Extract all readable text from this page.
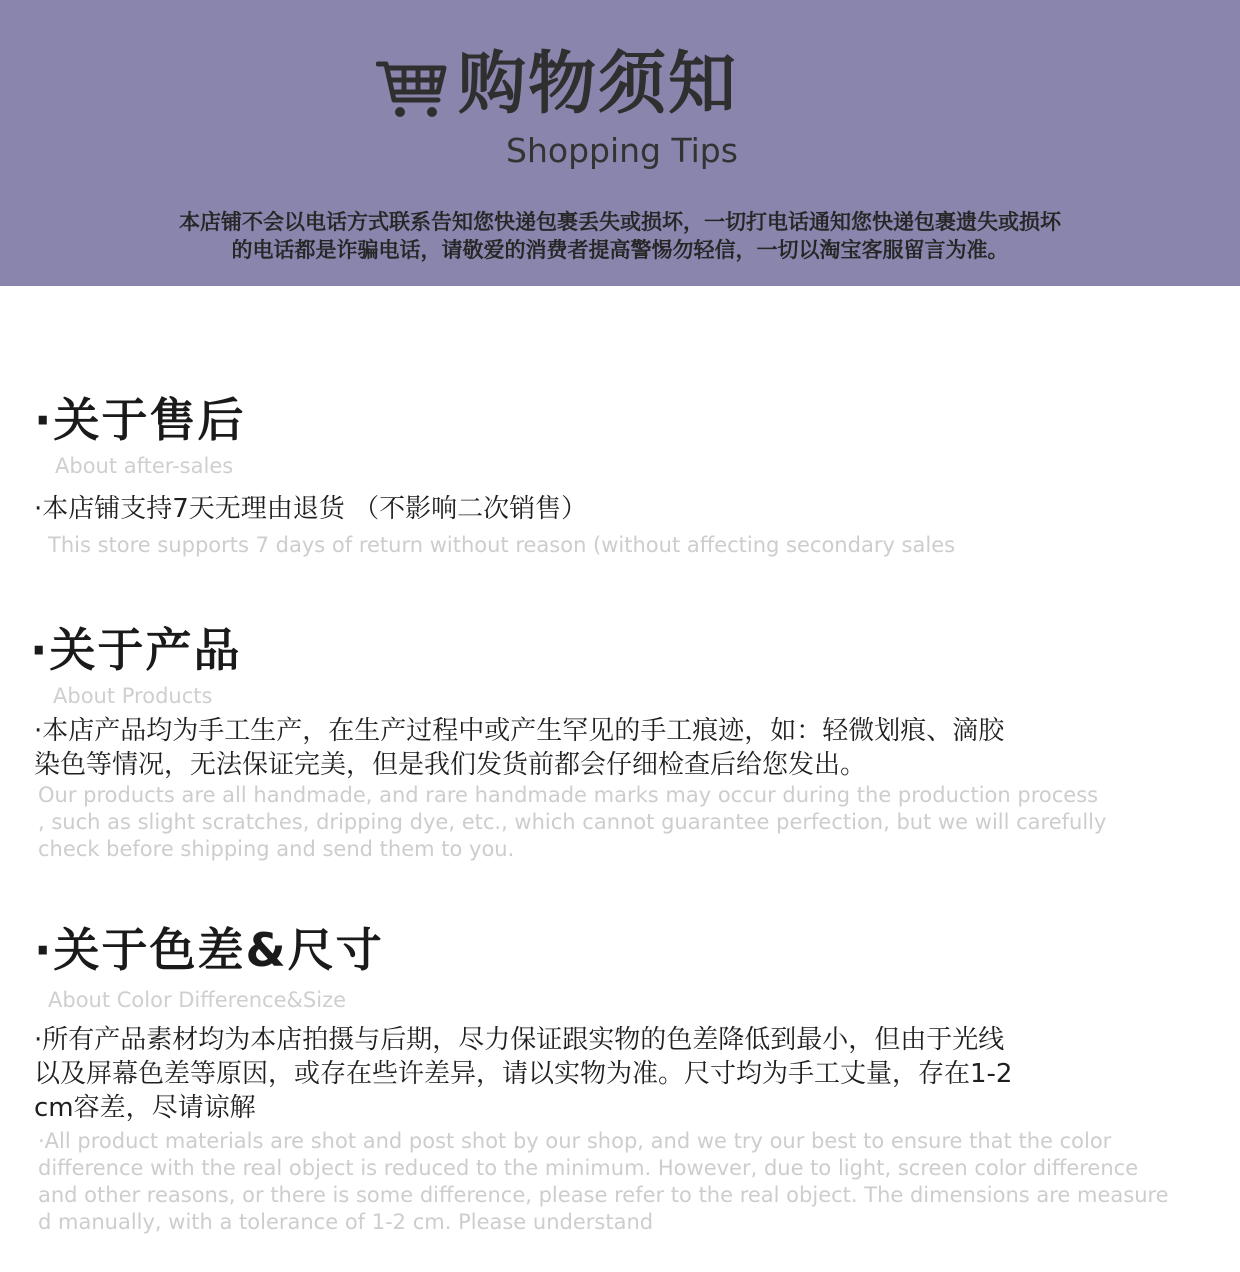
购物须知
Shopping Tips
本店铺不会以电话方式联系告知您快递包裹丢失或损坏，一切打电话通知您快递包裹遗失或损坏
的电话都是诈骗电话，请敬爱的消费者提高警惕勿轻信，一切以淘宝客服留言为准。
·关于售后
About after-sales
·本店铺支持7天无理由退货 （不影响二次销售）
This store supports 7 days of return without reason (without affecting secondary sales
·关于产品
About Products
·本店产品均为手工生产，在生产过程中或产生罕见的手工痕迹，如：轻微划痕、滴胶
染色等情况，无法保证完美，但是我们发货前都会仔细检查后给您发出。
Our products are all handmade, and rare handmade marks may occur during the production process
, such as slight scratches, dripping dye, etc., which cannot guarantee perfection, but we will carefully
check before shipping and send them to you.
·关于色差&尺寸
About Color Difference&Size
·所有产品素材均为本店拍摄与后期，尽力保证跟实物的色差降低到最小，但由于光线
以及屏幕色差等原因，或存在些许差异，请以实物为准。尺寸均为手工丈量，存在1-2
cm容差，尽请谅解
·All product materials are shot and post shot by our shop, and we try our best to ensure that the color
difference with the real object is reduced to the minimum. However, due to light, screen color difference
and other reasons, or there is some difference, please refer to the real object. The dimensions are measure
d manually, with a tolerance of 1-2 cm. Please understand
